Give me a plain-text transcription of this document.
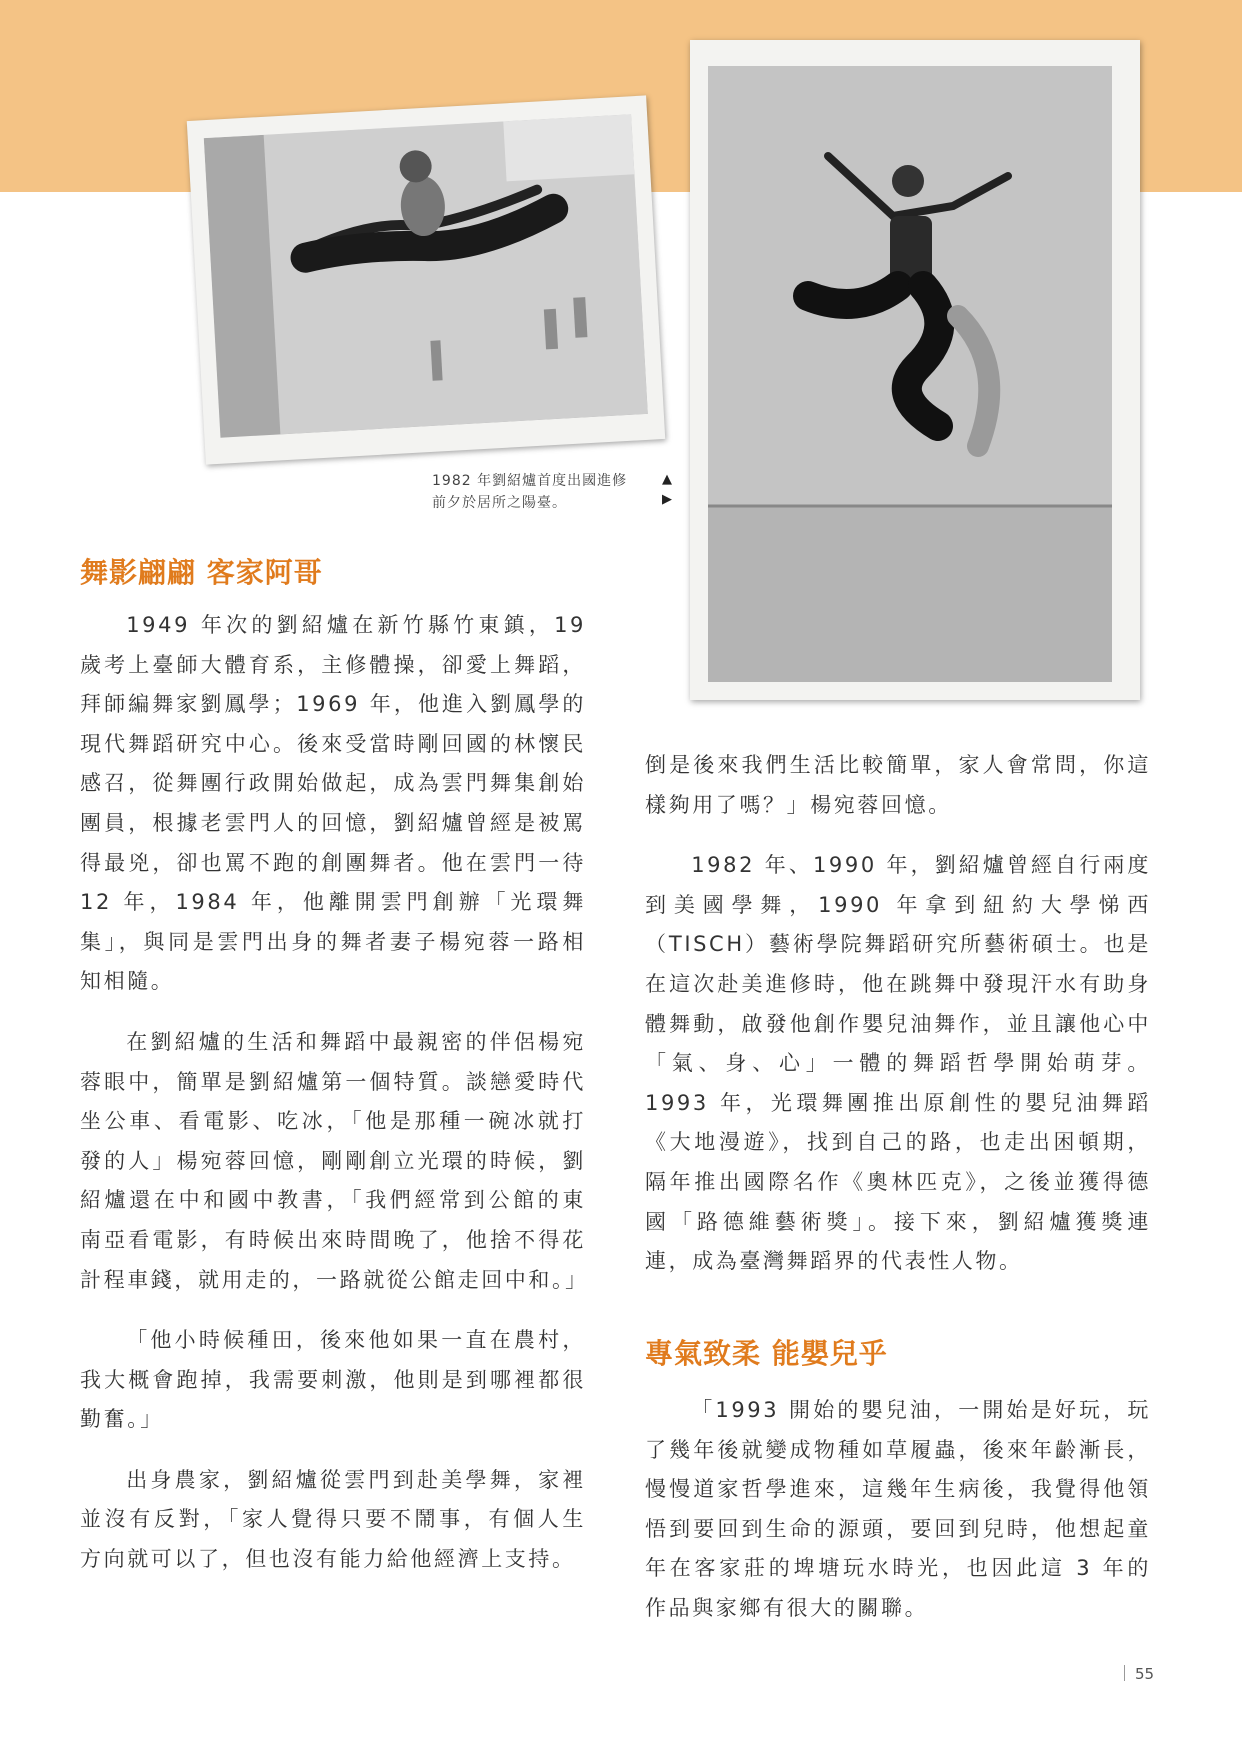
1982 年劉紹爐首度出國進修
前夕於居所之陽臺。
▲
▶
舞影翩翩 客家阿哥

1949 年次的劉紹爐在新竹縣竹東鎮，19 歲考上臺師大體育系，主修體操，卻愛上舞蹈，拜師編舞家劉鳳學；1969 年，他進入劉鳳學的現代舞蹈研究中心。後來受當時剛回國的林懷民感召，從舞團行政開始做起，成為雲門舞集創始團員，根據老雲門人的回憶，劉紹爐曾經是被罵得最兇，卻也罵不跑的創團舞者。他在雲門一待 12 年，1984 年，他離開雲門創辦「光環舞集」，與同是雲門出身的舞者妻子楊宛蓉一路相知相隨。

在劉紹爐的生活和舞蹈中最親密的伴侶楊宛蓉眼中，簡單是劉紹爐第一個特質。談戀愛時代坐公車、看電影、吃冰，「他是那種一碗冰就打發的人」楊宛蓉回憶，剛剛創立光環的時候，劉紹爐還在中和國中教書，「我們經常到公館的東南亞看電影，有時候出來時間晚了，他捨不得花計程車錢，就用走的，一路就從公館走回中和。」

「他小時候種田，後來他如果一直在農村，我大概會跑掉，我需要刺激，他則是到哪裡都很勤奮。」

出身農家，劉紹爐從雲門到赴美學舞，家裡並沒有反對，「家人覺得只要不鬧事，有個人生方向就可以了，但也沒有能力給他經濟上支持。

倒是後來我們生活比較簡單，家人會常問，你這樣夠用了嗎？」楊宛蓉回憶。

1982 年、1990 年，劉紹爐曾經自行兩度到美國學舞，1990 年拿到紐約大學悌西（TISCH）藝術學院舞蹈研究所藝術碩士。也是在這次赴美進修時，他在跳舞中發現汗水有助身體舞動，啟發他創作嬰兒油舞作，並且讓他心中「氣、身、心」一體的舞蹈哲學開始萌芽。1993 年，光環舞團推出原創性的嬰兒油舞蹈《大地漫遊》，找到自己的路，也走出困頓期，隔年推出國際名作《奧林匹克》，之後並獲得德國「路德維藝術獎」。接下來，劉紹爐獲獎連連，成為臺灣舞蹈界的代表性人物。

專氣致柔 能嬰兒乎

「1993 開始的嬰兒油，一開始是好玩，玩了幾年後就變成物種如草履蟲，後來年齡漸長，慢慢道家哲學進來，這幾年生病後，我覺得他領悟到要回到生命的源頭，要回到兒時，他想起童年在客家莊的埤塘玩水時光，也因此這 3 年的作品與家鄉有很大的關聯。

55
